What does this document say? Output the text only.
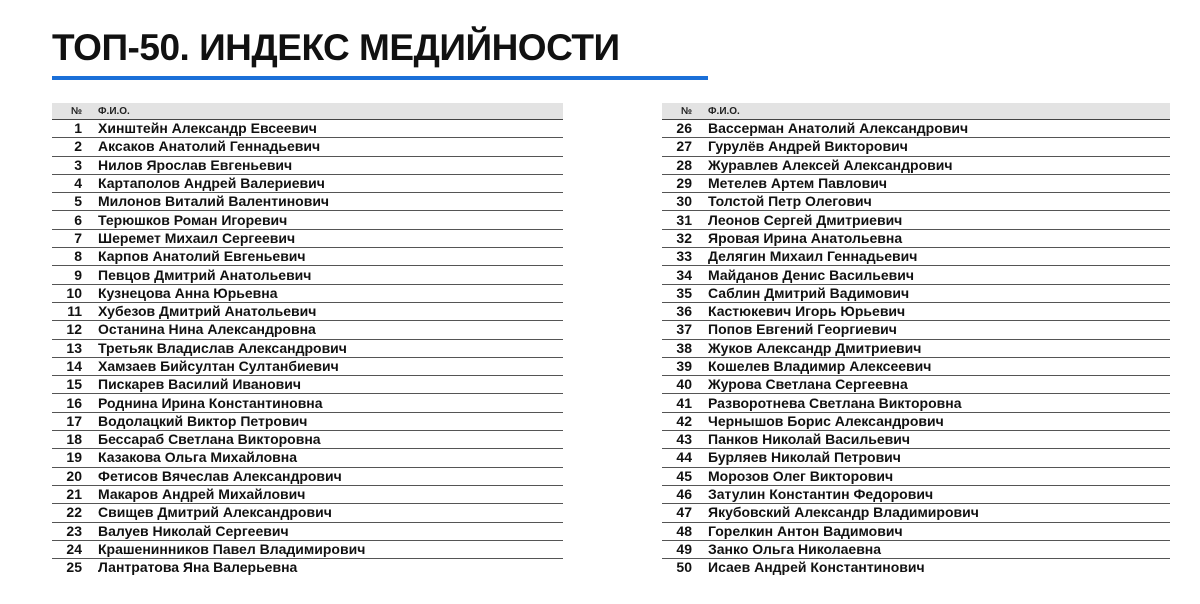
ТОП-50. ИНДЕКС МЕДИЙНОСТИ
№	Ф.И.О.
1	Хинштейн Александр Евсеевич
2	Аксаков Анатолий Геннадьевич
3	Нилов Ярослав Евгеньевич
4	Картаполов Андрей Валериевич
5	Милонов Виталий Валентинович
6	Терюшков Роман Игоревич
7	Шеремет Михаил Сергеевич
8	Карпов Анатолий Евгеньевич
9	Певцов Дмитрий Анатольевич
10	Кузнецова Анна Юрьевна
11	Хубезов Дмитрий Анатольевич
12	Останина Нина Александровна
13	Третьяк Владислав Александрович
14	Хамзаев Бийсултан Султанбиевич
15	Пискарев Василий Иванович
16	Роднина Ирина Константиновна
17	Водолацкий Виктор Петрович
18	Бессараб Светлана Викторовна
19	Казакова Ольга Михайловна
20	Фетисов Вячеслав Александрович
21	Макаров Андрей Михайлович
22	Свищев Дмитрий Александрович
23	Валуев Николай Сергеевич
24	Крашенинников Павел Владимирович
25	Лантратова Яна Валерьевна
№	Ф.И.О.
26	Вассерман Анатолий Александрович
27	Гурулёв Андрей Викторович
28	Журавлев Алексей Александрович
29	Метелев Артем Павлович
30	Толстой Петр Олегович
31	Леонов Сергей Дмитриевич
32	Яровая Ирина Анатольевна
33	Делягин Михаил Геннадьевич
34	Майданов Денис Васильевич
35	Саблин Дмитрий Вадимович
36	Кастюкевич Игорь Юрьевич
37	Попов Евгений Георгиевич
38	Жуков Александр Дмитриевич
39	Кошелев Владимир Алексеевич
40	Журова Светлана Сергеевна
41	Разворотнева Светлана Викторовна
42	Чернышов Борис Александрович
43	Панков Николай Васильевич
44	Бурляев Николай Петрович
45	Морозов Олег Викторович
46	Затулин Константин Федорович
47	Якубовский Александр Владимирович
48	Горелкин Антон Вадимович
49	Занко Ольга Николаевна
50	Исаев Андрей Константинович
